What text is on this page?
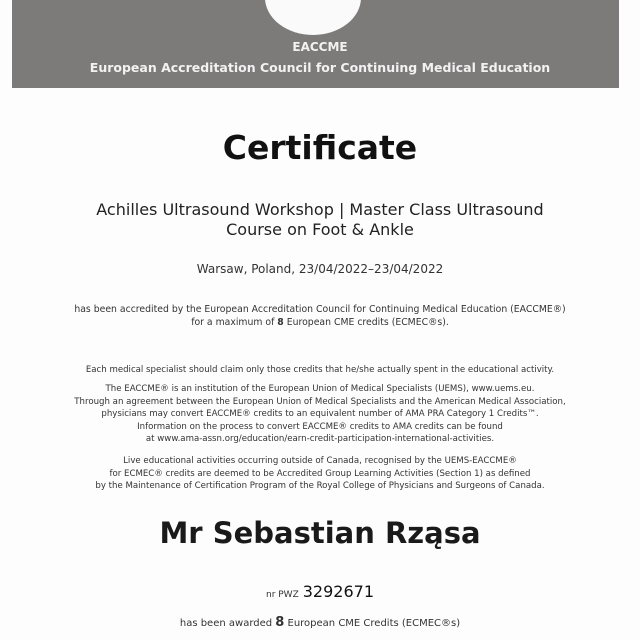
EACCME
European Accreditation Council for Continuing Medical Education
Certificate
Achilles Ultrasound Workshop | Master Class Ultrasound
Course on Foot & Ankle
Warsaw, Poland, 23/04/2022–23/04/2022
has been accredited by the European Accreditation Council for Continuing Medical Education (EACCME®)
for a maximum of 8 European CME credits (ECMEC®s).
Each medical specialist should claim only those credits that he/she actually spent in the educational activity.
The EACCME® is an institution of the European Union of Medical Specialists (UEMS), www.uems.eu.
Through an agreement between the European Union of Medical Specialists and the American Medical Association,
physicians may convert EACCME® credits to an equivalent number of AMA PRA Category 1 Credits™.
Information on the process to convert EACCME® credits to AMA credits can be found
at www.ama-assn.org/education/earn-credit-participation-international-activities.
Live educational activities occurring outside of Canada, recognised by the UEMS-EACCME®
for ECMEC® credits are deemed to be Accredited Group Learning Activities (Section 1) as defined
by the Maintenance of Certification Program of the Royal College of Physicians and Surgeons of Canada.
Mr Sebastian Rząsa
nr PWZ 3292671
has been awarded 8 European CME Credits (ECMEC®s)
